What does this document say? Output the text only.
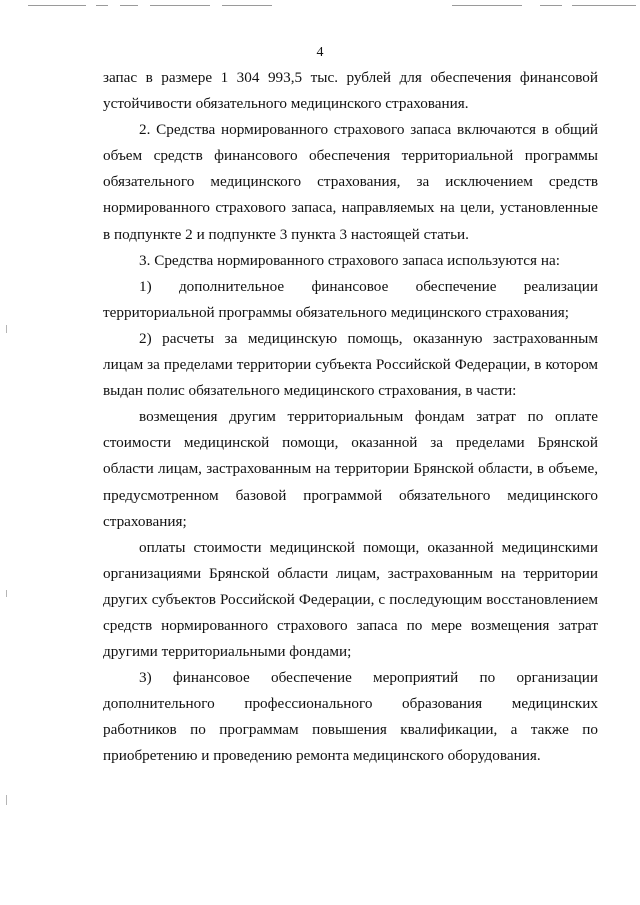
4

запас в размере 1 304 993,5 тыс. рублей для обеспечения финансовой устойчивости обязательного медицинского страхования.

2. Средства нормированного страхового запаса включаются в общий объем средств финансового обеспечения территориальной программы обязательного медицинского страхования, за исключением средств нормированного страхового запаса, направляемых на цели, установленные в подпункте 2 и подпункте 3 пункта 3 настоящей статьи.

3. Средства нормированного страхового запаса используются на:

1) дополнительное финансовое обеспечение реализации территориальной программы обязательного медицинского страхования;

2) расчеты за медицинскую помощь, оказанную застрахованным лицам за пределами территории субъекта Российской Федерации, в котором выдан полис обязательного медицинского страхования, в части:

возмещения другим территориальным фондам затрат по оплате стоимости медицинской помощи, оказанной за пределами Брянской области лицам, застрахованным на территории Брянской области, в объеме, предусмотренном базовой программой обязательного медицинского страхования;

оплаты стоимости медицинской помощи, оказанной медицинскими организациями Брянской области лицам, застрахованным на территории других субъектов Российской Федерации, с последующим восстановлением средств нормированного страхового запаса по мере возмещения затрат другими территориальными фондами;

3) финансовое обеспечение мероприятий по организации дополнительного профессионального образования медицинских работников по программам повышения квалификации, а также по приобретению и проведению ремонта медицинского оборудования.
